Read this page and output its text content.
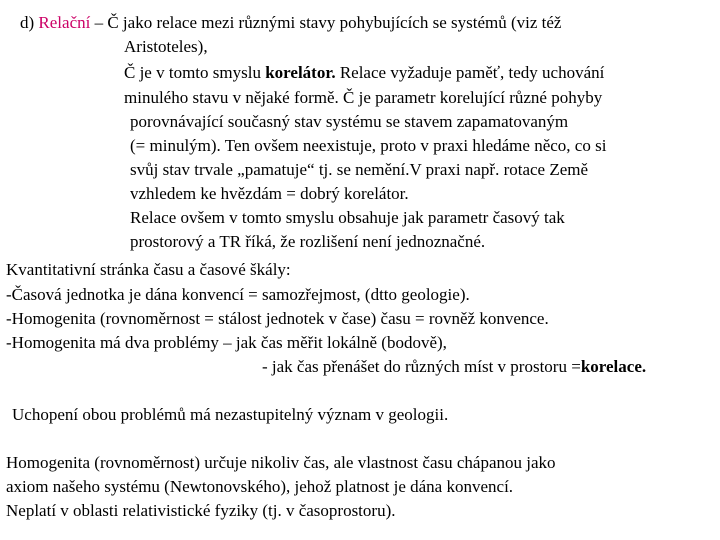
d) Relační – Č jako relace mezi různými stavy pohybujících se systémů (viz též
Aristoteles),
Č je v tomto smyslu korelátor. Relace vyžaduje paměť, tedy uchování
minulého stavu v nějaké formě. Č je parametr korelující různé pohyby
porovnávající současný stav systému se stavem zapamatovaným
(= minulým). Ten ovšem neexistuje, proto v praxi hledáme něco, co si
svůj stav trvale „pamatuje“ tj. se nemění.V praxi např. rotace Země
vzhledem ke hvězdám = dobrý korelátor.
Relace ovšem v tomto smyslu obsahuje jak parametr časový tak
prostorový a TR říká, že rozlišení není jednoznačné.
Kvantitativní stránka času a časové škály:
-Časová jednotka je dána konvencí = samozřejmost, (dtto geologie).
-Homogenita (rovnoměrnost = stálost jednotek v čase) času = rovněž konvence.
-Homogenita má dva problémy – jak čas měřit lokálně (bodově),
- jak čas přenášet do různých míst v prostoru =korelace.
Uchopení obou problémů má nezastupitelný význam v geologii.
Homogenita (rovnoměrnost) určuje nikoliv čas, ale vlastnost času chápanou jako
axiom našeho systému (Newtonovského), jehož platnost je dána konvencí.
Neplatí v oblasti relativistické fyziky (tj. v časoprostoru).
